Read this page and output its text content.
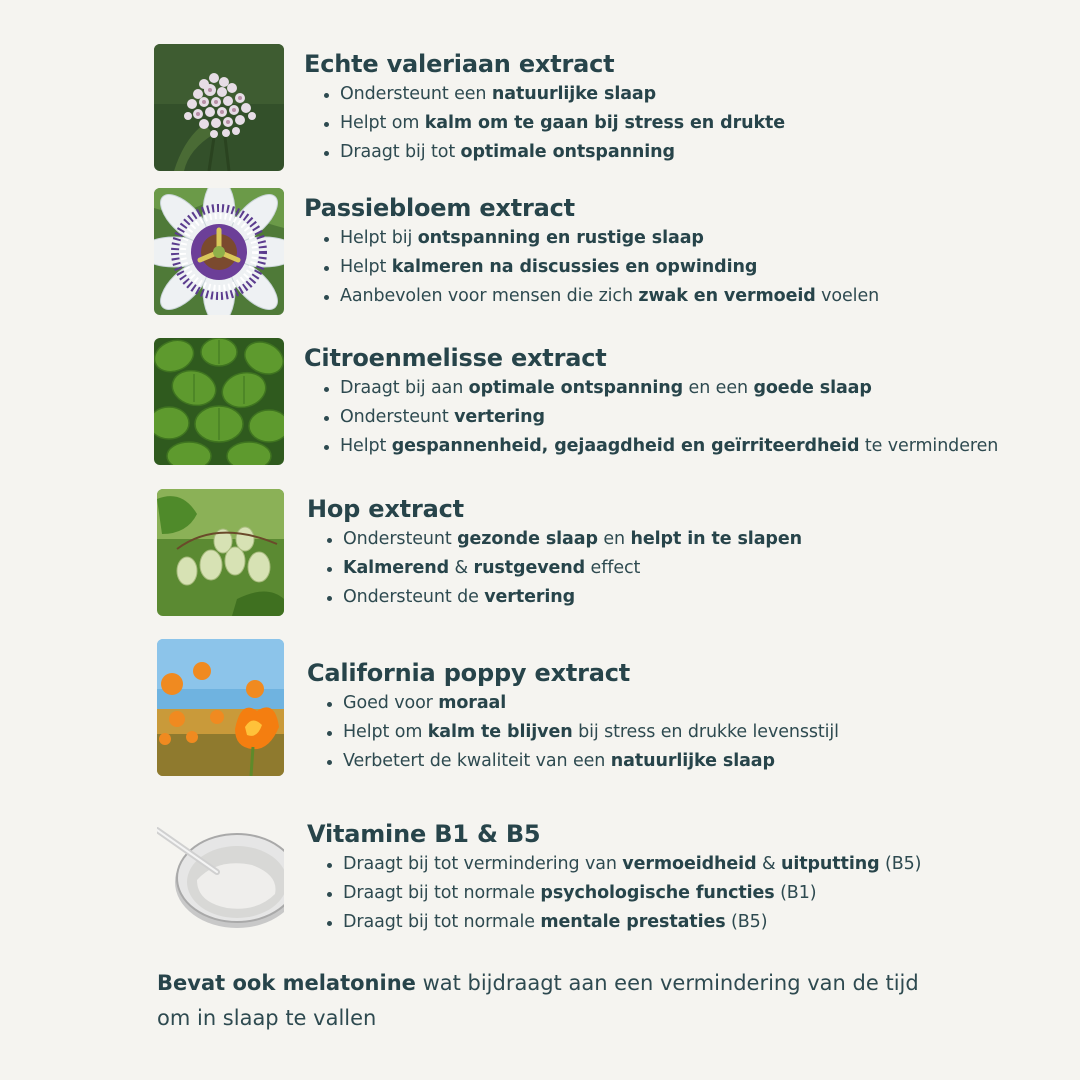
Echte valeriaan extract
Ondersteunt een natuurlijke slaap
Helpt om kalm om te gaan bij stress en drukte
Draagt bij tot optimale ontspanning
Passiebloem extract
Helpt bij ontspanning en rustige slaap
Helpt kalmeren na discussies en opwinding
Aanbevolen voor mensen die zich zwak en vermoeid voelen
Citroenmelisse extract
Draagt bij aan optimale ontspanning en een goede slaap
Ondersteunt vertering
Helpt gespannenheid, gejaagdheid en geïrriteerdheid te verminderen
Hop extract
Ondersteunt gezonde slaap en helpt in te slapen
Kalmerend & rustgevend effect
Ondersteunt de vertering
California poppy extract
Goed voor moraal
Helpt om kalm te blijven bij stress en drukke levensstijl
Verbetert de kwaliteit van een natuurlijke slaap
Vitamine B1 & B5
Draagt bij tot vermindering van vermoeidheid & uitputting (B5)
Draagt bij tot normale psychologische functies (B1)
Draagt bij tot normale mentale prestaties (B5)

Bevat ook melatonine wat bijdraagt aan een vermindering van de tijd om in slaap te vallen
